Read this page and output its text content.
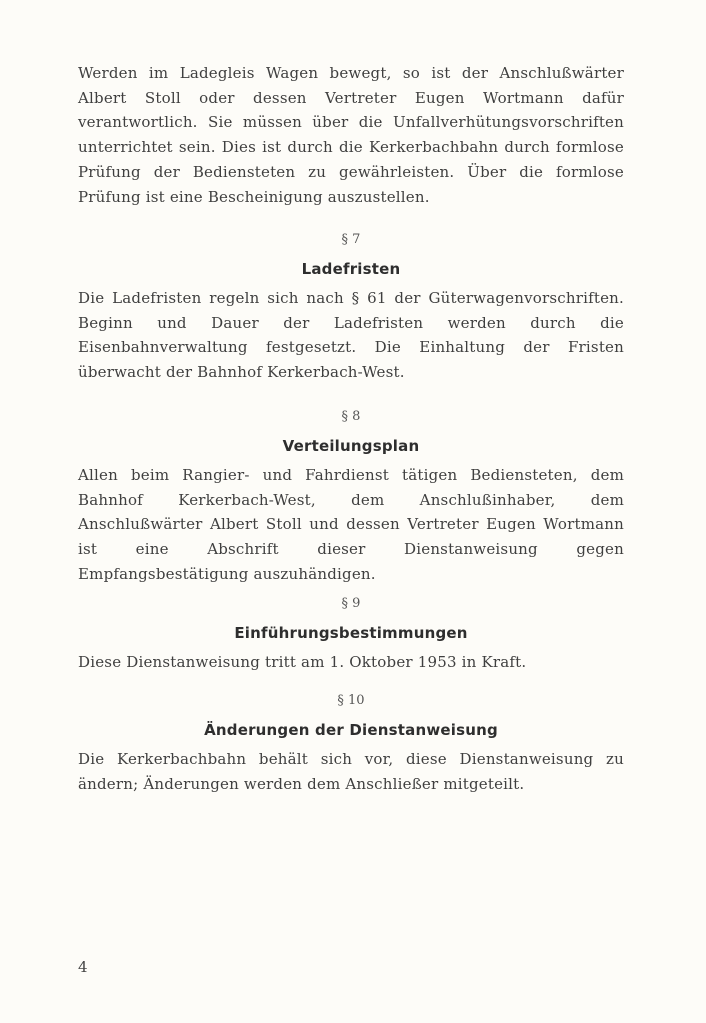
Werden im Ladegleis Wagen bewegt, so ist der Anschlußwärter Albert Stoll oder dessen Vertreter Eugen Wortmann dafür verantwortlich. Sie müssen über die Unfallverhütungsvorschriften unterrichtet sein. Dies ist durch die Kerkerbachbahn durch formlose Prüfung der Bediensteten zu gewährleisten. Über die formlose Prüfung ist eine Bescheinigung auszustellen.

§ 7

Ladefristen

Die Ladefristen regeln sich nach § 61 der Güterwagenvorschriften. Beginn und Dauer der Ladefristen werden durch die Eisenbahnverwaltung festgesetzt. Die Einhaltung der Fristen überwacht der Bahnhof Kerkerbach-West.

§ 8

Verteilungsplan

Allen beim Rangier- und Fahrdienst tätigen Bediensteten, dem Bahnhof Kerkerbach-West, dem Anschlußinhaber, dem Anschlußwärter Albert Stoll und dessen Vertreter Eugen Wortmann ist eine Abschrift dieser Dienstanweisung gegen Empfangsbestätigung auszuhändigen.

§ 9

Einführungsbestimmungen

Diese Dienstanweisung tritt am 1. Oktober 1953 in Kraft.

§ 10

Änderungen der Dienstanweisung

Die Kerkerbachbahn behält sich vor, diese Dienstanweisung zu ändern; Änderungen werden dem Anschließer mitgeteilt.

4
